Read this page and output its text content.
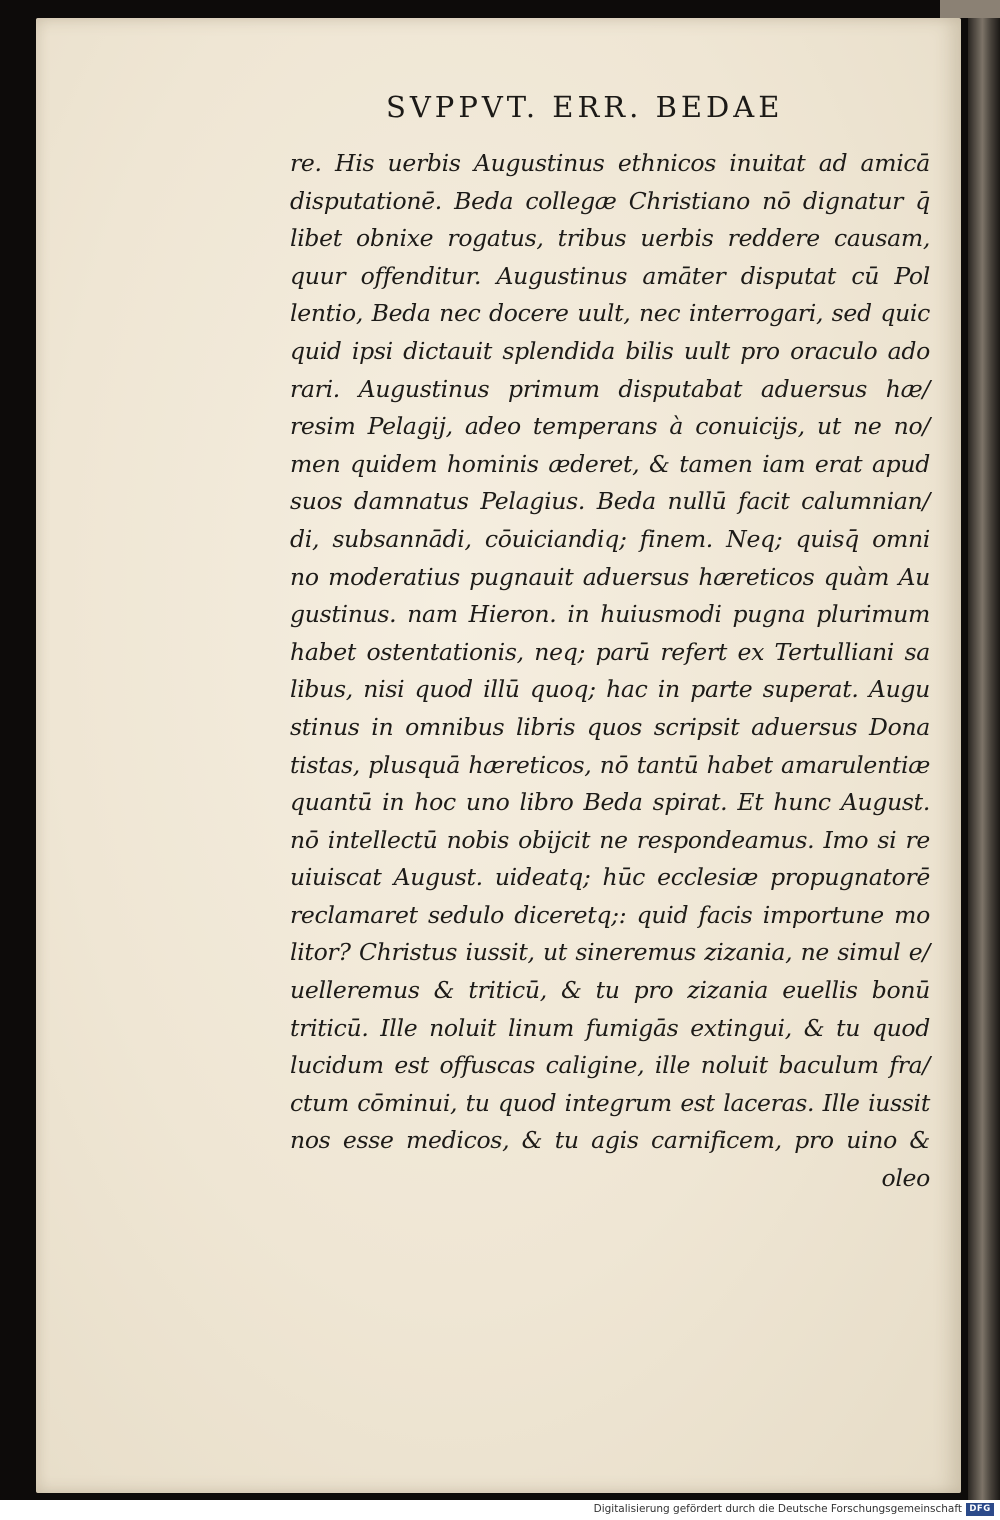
SVPPVT. ERR. BEDAE
re. His uerbis Augustinus ethnicos inuitat ad amicā
disputationē. Beda collegæ Christiano nō dignatur q̄
libet obnixe rogatus, tribus uerbis reddere causam,
quur offenditur. Augustinus amāter disputat cū Pol
lentio, Beda nec docere uult, nec interrogari, sed quic
quid ipsi dictauit splendida bilis uult pro oraculo ado
rari. Augustinus primum disputabat aduersus hæ/
resim Pelagij, adeo temperans à conuicijs, ut ne no/
men quidem hominis æderet, & tamen iam erat apud
suos damnatus Pelagius. Beda nullū facit calumnian/
di, subsannādi, cōuiciandiq; finem. Neq; quisq̄ omni
no moderatius pugnauit aduersus hæreticos quàm Au
gustinus. nam Hieron. in huiusmodi pugna plurimum
habet ostentationis, neq; parū refert ex Tertulliani sa
libus, nisi quod illū quoq; hac in parte superat. Augu
stinus in omnibus libris quos scripsit aduersus Dona
tistas, plusquā hæreticos, nō tantū habet amarulentiæ
quantū in hoc uno libro Beda spirat. Et hunc August.
nō intellectū nobis obijcit ne respondeamus. Imo si re
uiuiscat August. uideatq; hūc ecclesiæ propugnatorē
reclamaret sedulo diceretq;: quid facis importune mo
litor? Christus iussit, ut sineremus zizania, ne simul e/
uelleremus & triticū, & tu pro zizania euellis bonū
triticū. Ille noluit linum fumigās extingui, & tu quod
lucidum est offuscas caligine, ille noluit baculum fra/
ctum cōminui, tu quod integrum est laceras. Ille iussit
nos esse medicos, & tu agis carnificem, pro uino &
oleo
Digitalisierung gefördert durch die Deutsche Forschungsgemeinschaft DFG
